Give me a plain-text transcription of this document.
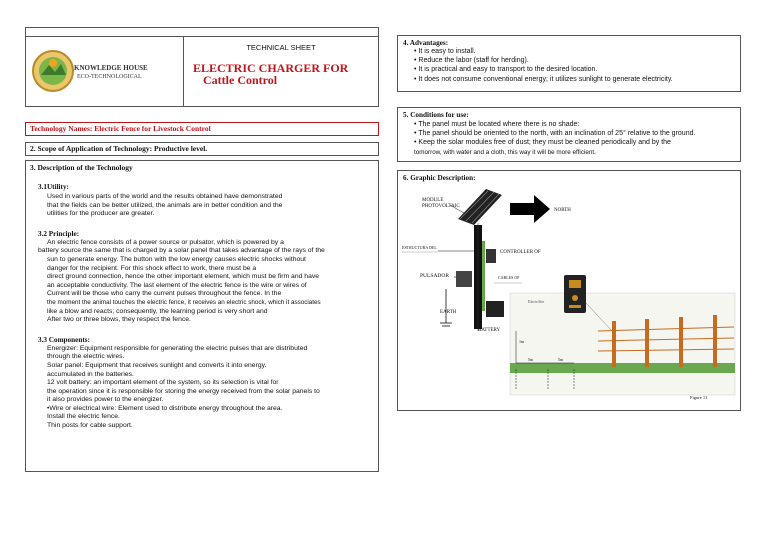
KNOWLEDGE HOUSE
ECO-TECHNOLOGICAL
TECHNICAL SHEET
ELECTRIC CHARGER FOR
Cattle Control
Technology Names: Electric Fence for Livestock Control
2. Scope of Application of Technology: Productive level.
3. Description of the Technology
3.1Utility:

Used in various parts of the world and the results obtained have demonstrated

that the fields can be better utilized, the animals are in better condition and the

utilities for the producer are greater.

3.2 Principle:

An electric fence consists of a power source or pulsator, which is powered by a

battery source the same that is charged by a solar panel that takes advantage of the rays of the

sun to generate energy. The button with the low energy causes electric shocks without

danger for the recipient. For this shock effect to work, there must be a

direct ground connection, hence the other important element, which must be firm and have

an acceptable conductivity. The last element of the electric fence is the wire or wires of

Current will be those who carry the current pulses throughout the fence. In the

the moment the animal touches the electric fence, it receives an electric shock, which it associates

like a blow and reacts; consequently, the learning period is very short and

After two or three blows, they respect the fence.

3.3 Components:

Energizer: Equipment responsible for generating the electric pulses that are distributed

through the electric wires.

Solar panel: Equipment that receives sunlight and converts it into energy.

accumulated in the batteries.

12 volt battery: an important element of the system, so its selection is vital for

the operation since it is responsible for storing the energy received from the solar panels to

it also provides power to the energizer.

•Wire or electrical wire: Element used to distribute energy throughout the area.

Install the electric fence.

Thin posts for cable support.

4. Advantages:

• It is easy to install.

• Reduce the labor (staff for herding).

• It is practical and easy to transport to the desired location.

• It does not consume conventional energy; it utilizes sunlight to generate electricity.

5. Conditions for use:

• The panel must be located where there is no shade:

• The panel should be oriented to the north, with an inclination of 25° relative to the ground.

• Keep the solar modules free of dust; they must be cleaned periodically and by the

tomorrow, with water and a cloth, this way it will be more efficient.

6. Graphic Description:
MODULE
PHOTOVOLTAIC
NORTH
ESTRUCTURA DEL
CONTROLLER OF
PULSADOR	CABLES OF
BATTERY
EARTH
Electrifier
5m	5m
1m
Figure 11
